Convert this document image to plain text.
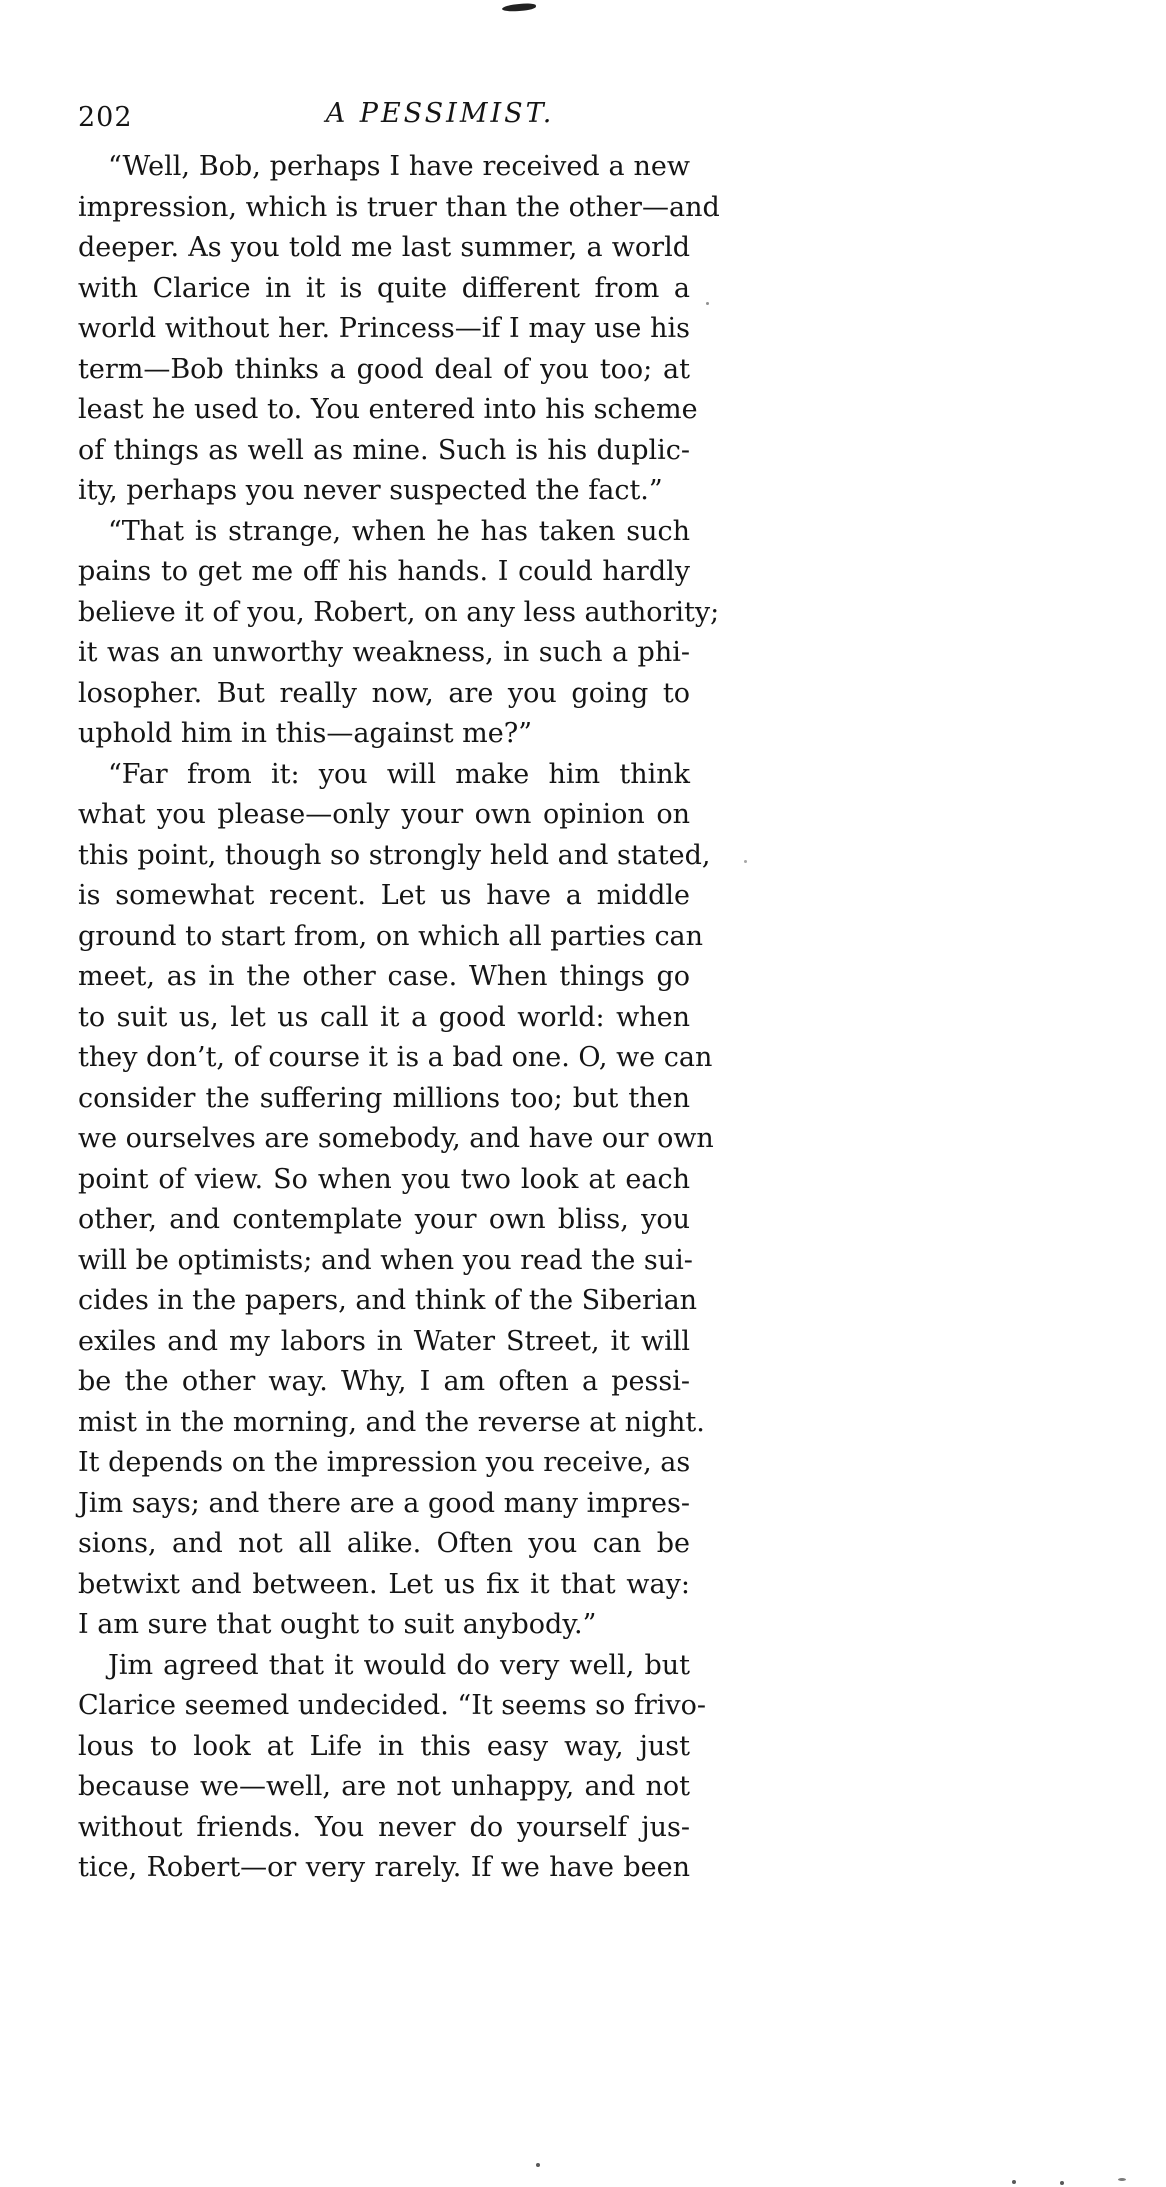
202	A PESSIMIST.
“Well, Bob, perhaps I have received a new
impression, which is truer than the other—and
deeper. As you told me last summer, a world
with Clarice in it is quite different from a
world without her. Princess—if I may use his
term—Bob thinks a good deal of you too; at
least he used to. You entered into his scheme
of things as well as mine. Such is his duplic-
ity, perhaps you never suspected the fact.”
“That is strange, when he has taken such
pains to get me off his hands. I could hardly
believe it of you, Robert, on any less authority;
it was an unworthy weakness, in such a phi-
losopher. But really now, are you going to
uphold him in this—against me?”
“Far from it: you will make him think
what you please—only your own opinion on
this point, though so strongly held and stated,
is somewhat recent. Let us have a middle
ground to start from, on which all parties can
meet, as in the other case. When things go
to suit us, let us call it a good world: when
they don’t, of course it is a bad one. O, we can
consider the suffering millions too; but then
we ourselves are somebody, and have our own
point of view. So when you two look at each
other, and contemplate your own bliss, you
will be optimists; and when you read the sui-
cides in the papers, and think of the Siberian
exiles and my labors in Water Street, it will
be the other way. Why, I am often a pessi-
mist in the morning, and the reverse at night.
It depends on the impression you receive, as
Jim says; and there are a good many impres-
sions, and not all alike. Often you can be
betwixt and between. Let us fix it that way:
I am sure that ought to suit anybody.”
Jim agreed that it would do very well, but
Clarice seemed undecided. “It seems so frivo-
lous to look at Life in this easy way, just
because we—well, are not unhappy, and not
without friends. You never do yourself jus-
tice, Robert—or very rarely. If we have been
